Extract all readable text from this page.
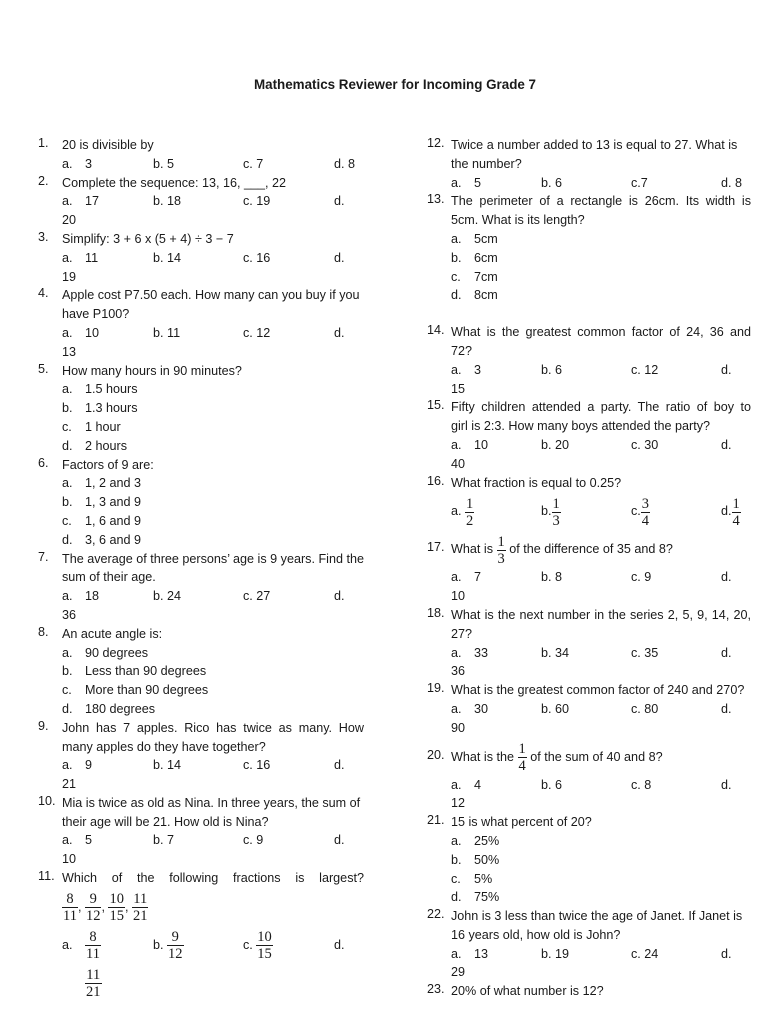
Mathematics Reviewer for Incoming Grade 7
1. 20 is divisible by
a. 3	b. 5	c. 7	d. 8
2. Complete the sequence: 13, 16, ___, 22
a. 17	b. 18	c. 19	d.
20
3. Simplify: 3 + 6 x (5 + 4) ÷ 3 − 7
a. 11	b. 14	c. 16	d.
19
4. Apple cost P7.50 each. How many can you buy if you
have P100?
a. 10	b. 11	c. 12	d.
13
5. How many hours in 90 minutes?
a. 1.5 hours
b. 1.3 hours
c. 1 hour
d. 2 hours
6. Factors of 9 are:
a. 1, 2 and 3
b. 1, 3 and 9
c. 1, 6 and 9
d. 3, 6 and 9
7. The average of three persons’ age is 9 years. Find the
sum of their age.
a. 18	b. 24	c. 27	d.
36
8. An acute angle is:
a. 90 degrees
b. Less than 90 degrees
c. More than 90 degrees
d. 180 degrees
9. John has 7 apples. Rico has twice as many. How
many apples do they have together?
a. 9	b. 14	c. 16	d.
21
10. Mia is twice as old as Nina. In three years, the sum of
their age will be 21. How old is Nina?
a. 5	b. 7	c. 9	d.
10
11. Which of the following fractions is largest?
$\frac{8}{11}$ , $\frac{9}{12}$ , $\frac{10}{15}$ , $\frac{11}{21}$
a. $\frac{8}{11}$	b. $\frac{9}{12}$	c. $\frac{10}{15}$	d.
$\frac{11}{21}$
12. Twice a number added to 13 is equal to 27. What is
the number?
a. 5	b. 6	c.7	d. 8
13. The perimeter of a rectangle is 26cm. Its width is
5cm. What is its length?
a. 5cm
b. 6cm
c. 7cm
d. 8cm
14. What is the greatest common factor of 24, 36 and
72?
a. 3	b. 6	c. 12	d.
15
15. Fifty children attended a party. The ratio of boy to
girl is 2:3. How many boys attended the party?
a. 10	b. 20	c. 30	d.
40
16. What fraction is equal to 0.25?
a. $\frac{1}{2}$	b. $\frac{1}{3}$	c. $\frac{3}{4}$	d. $\frac{1}{4}$
17. What is $\frac{1}{3}$ of the difference of 35 and 8?
a. 7	b. 8	c. 9	d.
10
18. What is the next number in the series 2, 5, 9, 14, 20,
27?
a. 33	b. 34	c. 35	d.
36
19. What is the greatest common factor of 240 and 270?
a. 30	b. 60	c. 80	d.
90
20. What is the $\frac{1}{4}$ of the sum of 40 and 8?
a. 4	b. 6	c. 8	d.
12
21. 15 is what percent of 20?
a. 25%
b. 50%
c. 5%
d. 75%
22. John is 3 less than twice the age of Janet. If Janet is
16 years old, how old is John?
a. 13	b. 19	c. 24	d.
29
23. 20% of what number is 12?
